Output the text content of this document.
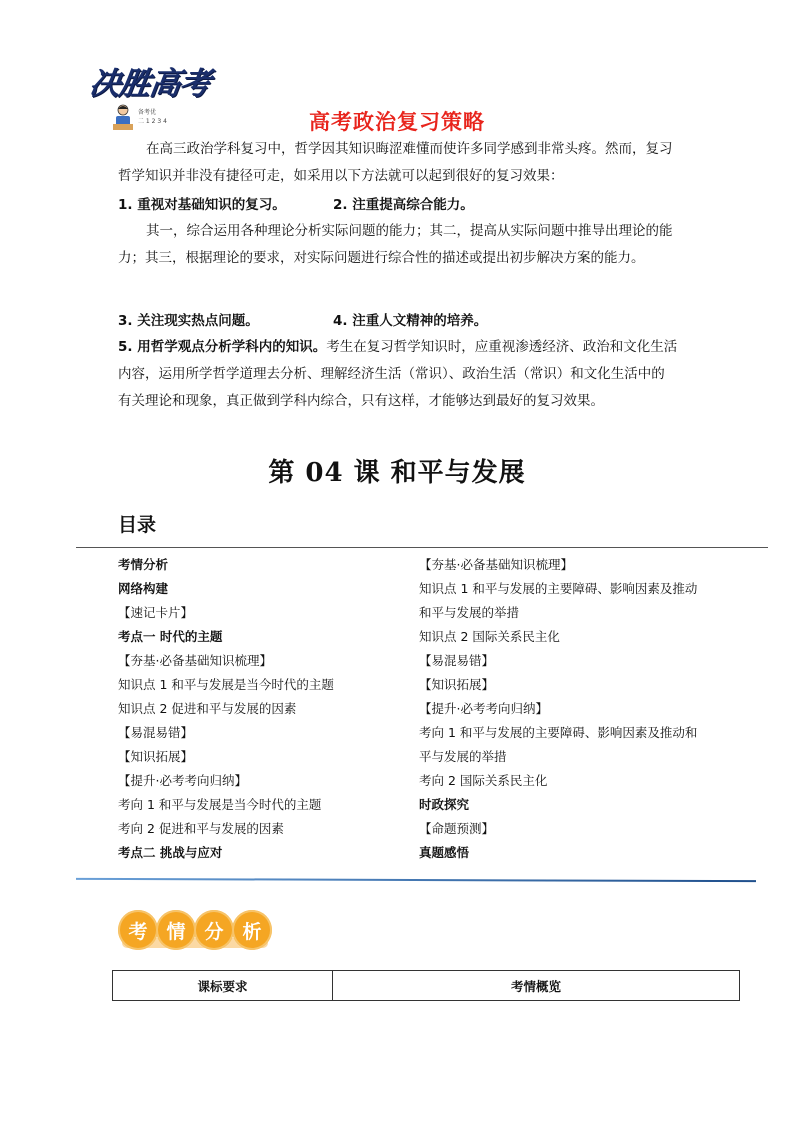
决胜高考
备考优
二 1 2 3 4	高考政治复习策略
在高三政治学科复习中，哲学因其知识晦涩难懂而使许多同学感到非常头疼。然而，复习哲学知识并非没有捷径可走，如采用以下方法就可以起到很好的复习效果：
1. 重视对基础知识的复习。	2. 注重提高综合能力。
其一，综合运用各种理论分析实际问题的能力；其二，提高从实际问题中推导出理论的能力；其三，根据理论的要求，对实际问题进行综合性的描述或提出初步解决方案的能力。
3. 关注现实热点问题。	4. 注重人文精神的培养。
5. 用哲学观点分析学科内的知识。考生在复习哲学知识时，应重视渗透经济、政治和文化生活内容，运用所学哲学道理去分析、理解经济生活（常识）、政治生活（常识）和文化生活中的有关理论和现象，真正做到学科内综合，只有这样，才能够达到最好的复习效果。
第 04 课 和平与发展
目录
考情分析
网络构建
【速记卡片】
考点一 时代的主题
【夯基·必备基础知识梳理】
知识点 1 和平与发展是当今时代的主题
知识点 2 促进和平与发展的因素
【易混易错】
【知识拓展】
【提升·必考考向归纳】
考向 1 和平与发展是当今时代的主题
考向 2 促进和平与发展的因素
考点二 挑战与应对
【夯基·必备基础知识梳理】
知识点 1 和平与发展的主要障碍、影响因素及推动和平与发展的举措
知识点 2 国际关系民主化
【易混易错】
【知识拓展】
【提升·必考考向归纳】
考向 1 和平与发展的主要障碍、影响因素及推动和平与发展的举措
考向 2 国际关系民主化
时政探究
【命题预测】
真题感悟
考 情 分 析
课标要求	考情概览
